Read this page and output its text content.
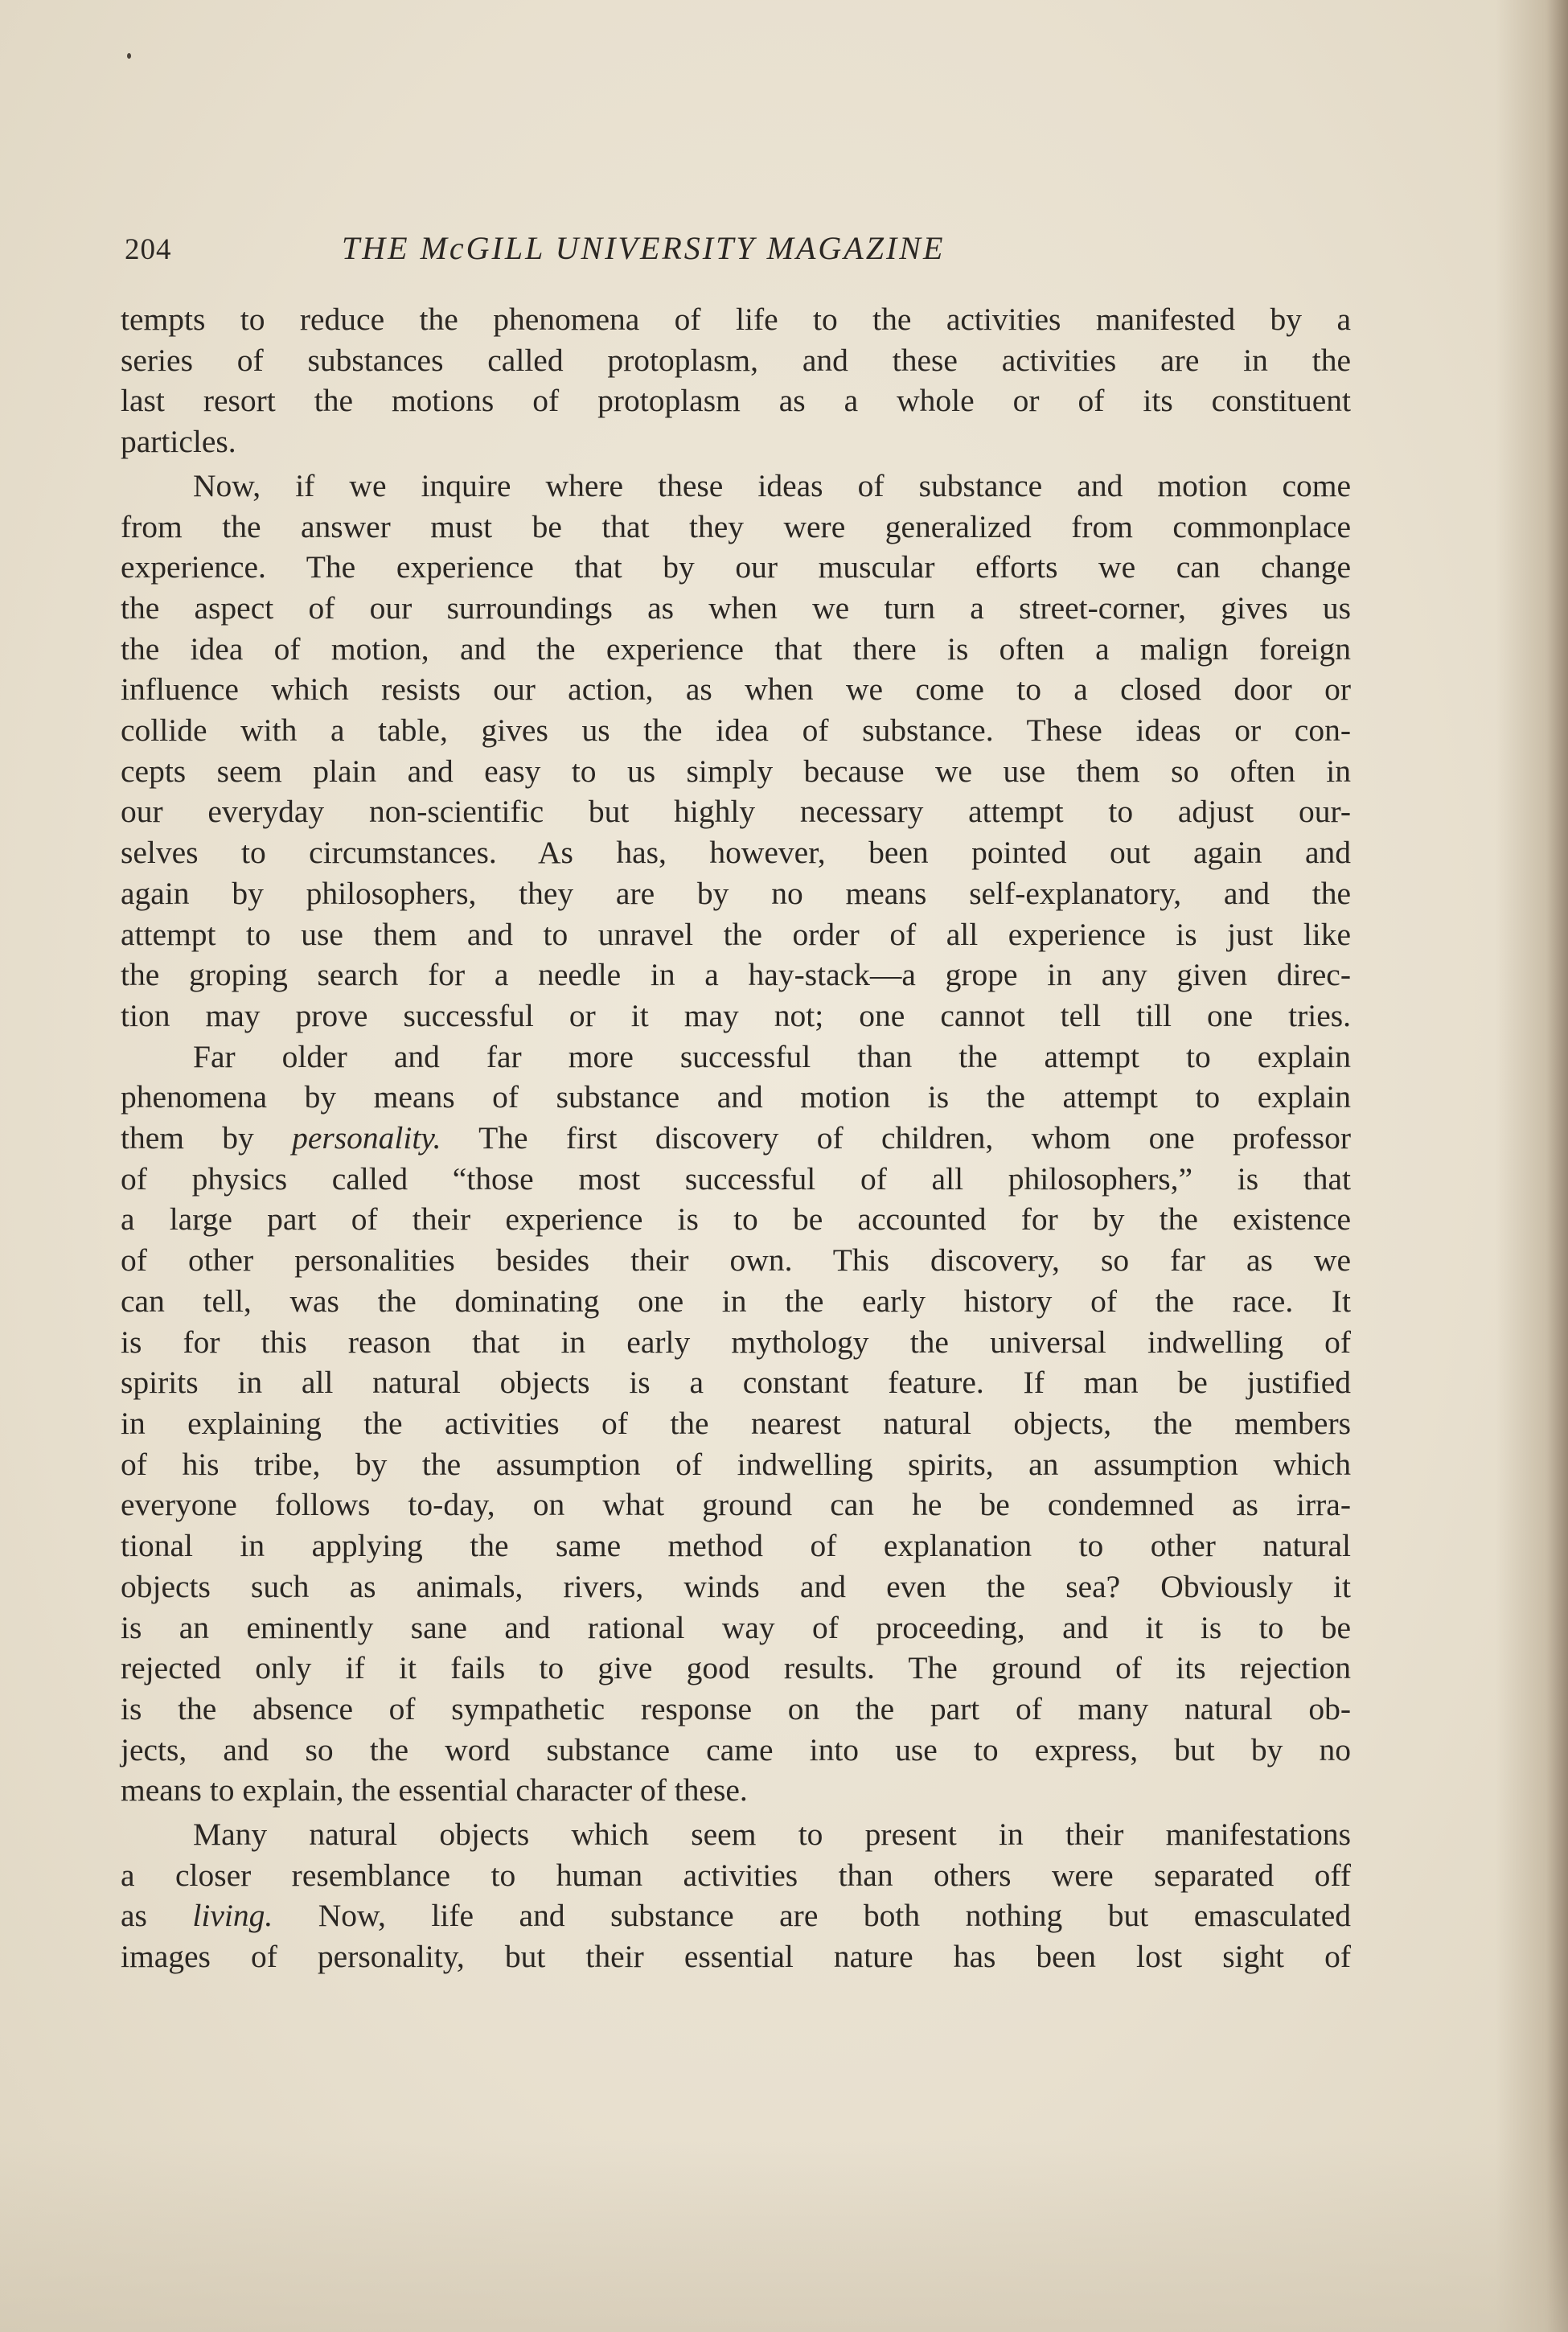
204	THE McGILL UNIVERSITY MAGAZINE
tempts to reduce the phenomena of life to the activities manifested by a
series of substances called protoplasm, and these activities are in the
last resort the motions of protoplasm as a whole or of its constituent
particles.
Now, if we inquire where these ideas of substance and motion come
from the answer must be that they were generalized from commonplace
experience. The experience that by our muscular efforts we can change
the aspect of our surroundings as when we turn a street-corner, gives us
the idea of motion, and the experience that there is often a malign foreign
influence which resists our action, as when we come to a closed door or
collide with a table, gives us the idea of substance. These ideas or con-
cepts seem plain and easy to us simply because we use them so often in
our everyday non-scientific but highly necessary attempt to adjust our-
selves to circumstances. As has, however, been pointed out again and
again by philosophers, they are by no means self-explanatory, and the
attempt to use them and to unravel the order of all experience is just like
the groping search for a needle in a hay-stack—a grope in any given direc-
tion may prove successful or it may not; one cannot tell till one tries.
Far older and far more successful than the attempt to explain
phenomena by means of substance and motion is the attempt to explain
them by personality. The first discovery of children, whom one professor
of physics called “those most successful of all philosophers,” is that
a large part of their experience is to be accounted for by the existence
of other personalities besides their own. This discovery, so far as we
can tell, was the dominating one in the early history of the race. It
is for this reason that in early mythology the universal indwelling of
spirits in all natural objects is a constant feature. If man be justified
in explaining the activities of the nearest natural objects, the members
of his tribe, by the assumption of indwelling spirits, an assumption which
everyone follows to-day, on what ground can he be condemned as irra-
tional in applying the same method of explanation to other natural
objects such as animals, rivers, winds and even the sea? Obviously it
is an eminently sane and rational way of proceeding, and it is to be
rejected only if it fails to give good results. The ground of its rejection
is the absence of sympathetic response on the part of many natural ob-
jects, and so the word substance came into use to express, but by no
means to explain, the essential character of these.
Many natural objects which seem to present in their manifestations
a closer resemblance to human activities than others were separated off
as living. Now, life and substance are both nothing but emasculated
images of personality, but their essential nature has been lost sight of
